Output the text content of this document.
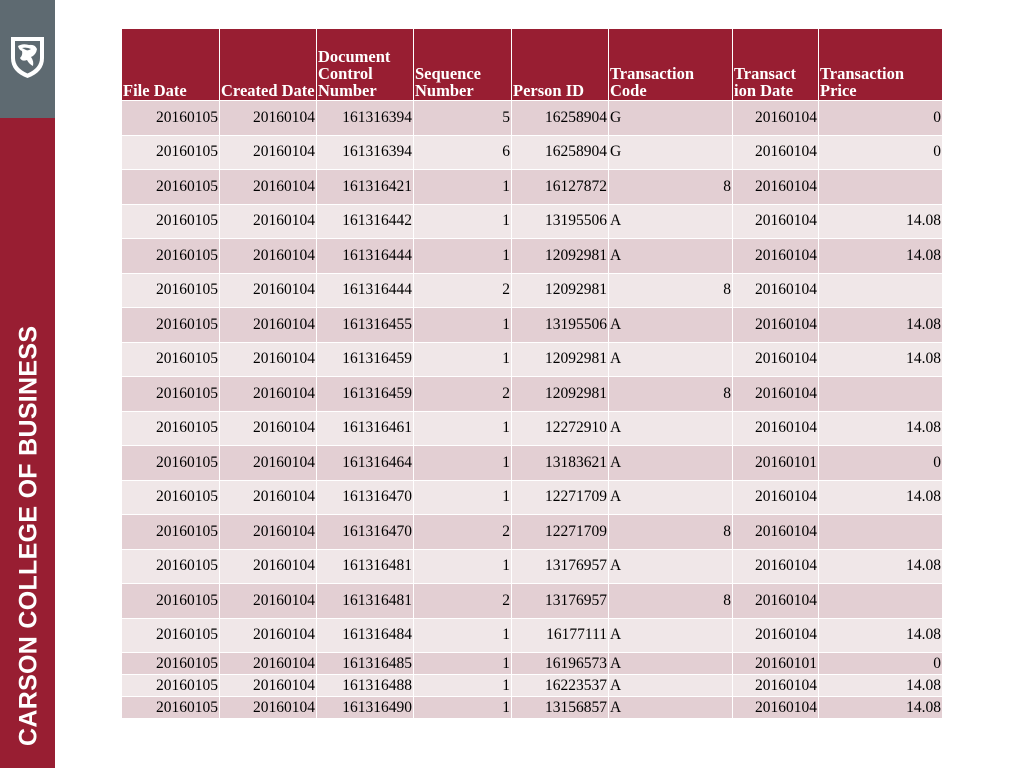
CARSON COLLEGE OF BUSINESS
File Date	Created Date	Document Control Number	Sequence Number	Person ID	Transaction Code	Transact ion Date	Transaction Price
20160105	20160104	161316394	5	16258904	G	20160104	0
20160105	20160104	161316394	6	16258904	G	20160104	0
20160105	20160104	161316421	1	16127872	8	20160104	
20160105	20160104	161316442	1	13195506	A	20160104	14.08
20160105	20160104	161316444	1	12092981	A	20160104	14.08
20160105	20160104	161316444	2	12092981	8	20160104	
20160105	20160104	161316455	1	13195506	A	20160104	14.08
20160105	20160104	161316459	1	12092981	A	20160104	14.08
20160105	20160104	161316459	2	12092981	8	20160104	
20160105	20160104	161316461	1	12272910	A	20160104	14.08
20160105	20160104	161316464	1	13183621	A	20160101	0
20160105	20160104	161316470	1	12271709	A	20160104	14.08
20160105	20160104	161316470	2	12271709	8	20160104	
20160105	20160104	161316481	1	13176957	A	20160104	14.08
20160105	20160104	161316481	2	13176957	8	20160104	
20160105	20160104	161316484	1	16177111	A	20160104	14.08
20160105	20160104	161316485	1	16196573	A	20160101	0
20160105	20160104	161316488	1	16223537	A	20160104	14.08
20160105	20160104	161316490	1	13156857	A	20160104	14.08
